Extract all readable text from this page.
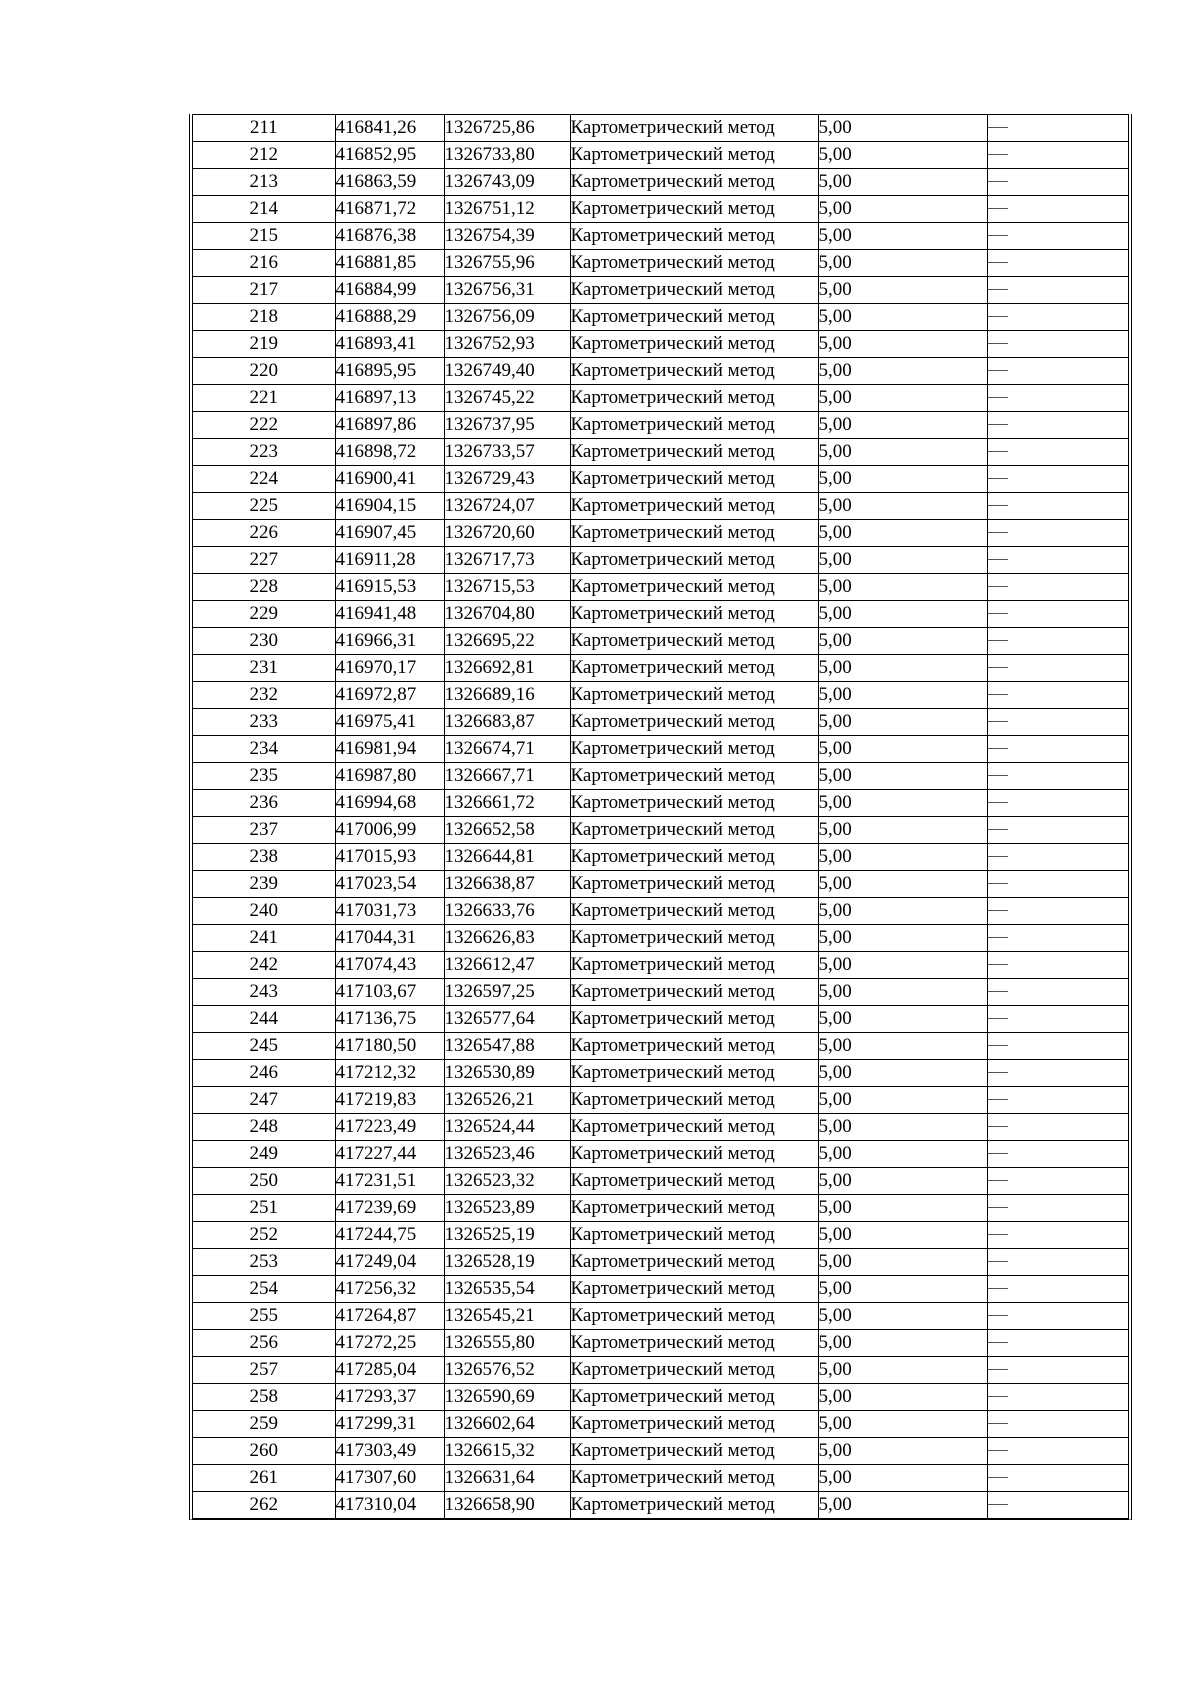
211	416841,26	1326725,86	Картометрический метод	5,00	
212	416852,95	1326733,80	Картометрический метод	5,00	
213	416863,59	1326743,09	Картометрический метод	5,00	
214	416871,72	1326751,12	Картометрический метод	5,00	
215	416876,38	1326754,39	Картометрический метод	5,00	
216	416881,85	1326755,96	Картометрический метод	5,00	
217	416884,99	1326756,31	Картометрический метод	5,00	
218	416888,29	1326756,09	Картометрический метод	5,00	
219	416893,41	1326752,93	Картометрический метод	5,00	
220	416895,95	1326749,40	Картометрический метод	5,00	
221	416897,13	1326745,22	Картометрический метод	5,00	
222	416897,86	1326737,95	Картометрический метод	5,00	
223	416898,72	1326733,57	Картометрический метод	5,00	
224	416900,41	1326729,43	Картометрический метод	5,00	
225	416904,15	1326724,07	Картометрический метод	5,00	
226	416907,45	1326720,60	Картометрический метод	5,00	
227	416911,28	1326717,73	Картометрический метод	5,00	
228	416915,53	1326715,53	Картометрический метод	5,00	
229	416941,48	1326704,80	Картометрический метод	5,00	
230	416966,31	1326695,22	Картометрический метод	5,00	
231	416970,17	1326692,81	Картометрический метод	5,00	
232	416972,87	1326689,16	Картометрический метод	5,00	
233	416975,41	1326683,87	Картометрический метод	5,00	
234	416981,94	1326674,71	Картометрический метод	5,00	
235	416987,80	1326667,71	Картометрический метод	5,00	
236	416994,68	1326661,72	Картометрический метод	5,00	
237	417006,99	1326652,58	Картометрический метод	5,00	
238	417015,93	1326644,81	Картометрический метод	5,00	
239	417023,54	1326638,87	Картометрический метод	5,00	
240	417031,73	1326633,76	Картометрический метод	5,00	
241	417044,31	1326626,83	Картометрический метод	5,00	
242	417074,43	1326612,47	Картометрический метод	5,00	
243	417103,67	1326597,25	Картометрический метод	5,00	
244	417136,75	1326577,64	Картометрический метод	5,00	
245	417180,50	1326547,88	Картометрический метод	5,00	
246	417212,32	1326530,89	Картометрический метод	5,00	
247	417219,83	1326526,21	Картометрический метод	5,00	
248	417223,49	1326524,44	Картометрический метод	5,00	
249	417227,44	1326523,46	Картометрический метод	5,00	
250	417231,51	1326523,32	Картометрический метод	5,00	
251	417239,69	1326523,89	Картометрический метод	5,00	
252	417244,75	1326525,19	Картометрический метод	5,00	
253	417249,04	1326528,19	Картометрический метод	5,00	
254	417256,32	1326535,54	Картометрический метод	5,00	
255	417264,87	1326545,21	Картометрический метод	5,00	
256	417272,25	1326555,80	Картометрический метод	5,00	
257	417285,04	1326576,52	Картометрический метод	5,00	
258	417293,37	1326590,69	Картометрический метод	5,00	
259	417299,31	1326602,64	Картометрический метод	5,00	
260	417303,49	1326615,32	Картометрический метод	5,00	
261	417307,60	1326631,64	Картометрический метод	5,00	
262	417310,04	1326658,90	Картометрический метод	5,00	
